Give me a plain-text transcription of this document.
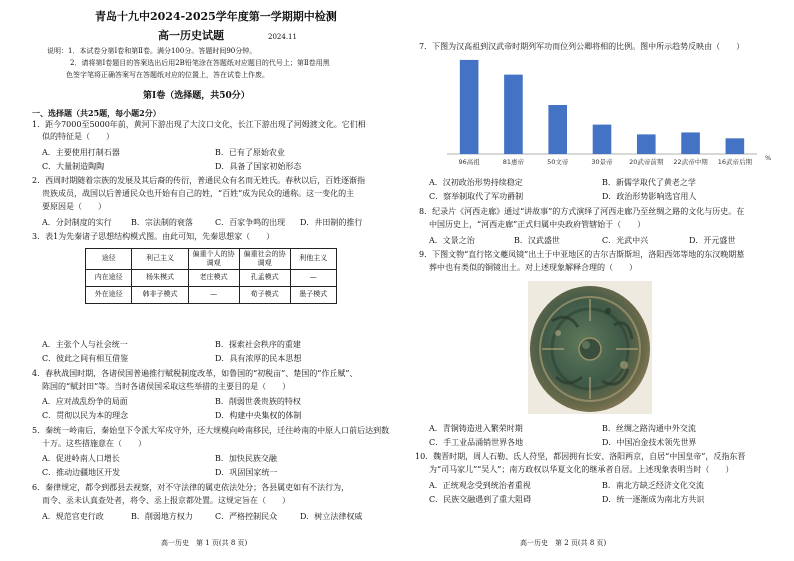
青岛十九中2024-2025学年度第一学期期中检测
高一历史试题	2024.11
说明：1．本试卷分第Ⅰ卷和第Ⅱ卷。满分100分。答题时间90分钟。
2．请将第Ⅰ卷题目的答案选出后用2B铅笔涂在答题纸对应题目的代号上；第Ⅱ卷用黑
色签字笔将正确答案写在答题纸对应的位置上，答在试卷上作废。
第Ⅰ卷（选择题，共50分）
一、选择题（共25题，每小题2分）
1．距今7000至5000年前，黄河下游出现了大汶口文化，长江下游出现了河姆渡文化。它们相
似的特征是（　　）
A．主要使用打制石器	B．已有了原始农业
C．大量制造陶陶	D．具备了国家初始形态
2．西周时期随着宗族的发展及其后裔的传衍，普通民众有名而无姓氏。春秋以后，百姓逐渐指
贵族成员，战国以后普通民众也开始有自己的姓，“百姓”成为民众的通称。这一变化的主
要原因是（　　）
A．分封制度的实行 B．宗法制的衰落	C．百家争鸣的出现 D．井田制的推行
3．表1为先秦诸子思想结构模式图。由此可知，先秦思想家（　　）
途径	利己主义	偏重个人的协调观	偏重社会的协调观	利他主义
内在途径	杨朱模式	老庄模式	孔孟模式	—
外在途径	韩非子模式	—	荀子模式	墨子模式
A．主张个人与社会统一	B．探索社会秩序的重建
C．彼此之间有相互借鉴	D．具有浓厚的民本思想
4．春秋战国时期，各诸侯国普遍推行赋税制度改革，如鲁国的“初税亩”、楚国的“作丘赋”、
陈国的“赋封田”等。当时各诸侯国采取这些举措的主要目的是（　　）
A．应对战乱纷争的局面	B．削弱世袭贵族的特权
C．贯彻以民为本的理念	D．构建中央集权的体制
5．秦统一岭南后，秦始皇下令派大军戍守外，还大规模向岭南移民，迁往岭南的中原人口前后达到数
十万。这些措施意在（　　）
A．促进岭南人口增长	B．加快民族交融
C．推动边疆地区开发	D．巩固国家统一
6．秦律规定，都令到郡县去视察，对不守法律的属吏依法处分；各县属吏如有不法行为，
而令、丞未认真查处者，将令、丞上报京都处置。这规定旨在（　　）
A．规范官吏行政	B．削弱地方权力	C．严格控制民众	D．树立法律权威
高一历史　第 1 页(共 8 页)
7．下图为汉高祖到汉武帝时期列军功而位列公卿将相的比例。图中所示趋势反映由（　　）
96高祖	81惠帝	50文帝	30景帝	20武帝前期 22武帝中期 16武帝后期 %
A．汉初政治形势持续稳定	B．新儒学取代了黄老之学
C．察举制取代了军功爵制	D．政治形势影响选官用人
8．纪录片《河西走廊》通过“讲故事”的方式演绎了河西走廊乃至丝绸之路的文化与历史。在
中国历史上，“河西走廊”正式归属中央政府管辖始于（　　）
A．文景之治	B．汉武盛世	C．光武中兴	D．开元盛世
9．下图文物“直行铭文夔凤镜”出土于中亚地区的吉尔吉斯斯坦，洛阳西郊等地的东汉晚期墓
葬中也有类似的铜镜出土。对上述现象解释合理的（　　）
A．青铜铸造进入繁荣时期	B．丝绸之路沟通中外交流
C．手工业品涌销世界各地	D．中国冶金技术领先世界
10．魏晋时期，周人石勒、氐人苻坚，都因拥有长安、洛阳两京，自居“中国皇帝”，反指东晋
为“司马家儿”“吴人”；南方政权以华夏文化的继承者自居。上述现象表明当时（　　）
A．正统观念受到统治者重视	B．南北方缺乏经济文化交流
C．民族交融遇到了重大阻碍	D．统一逐渐成为南北方共识
高一历史　第 2 页(共 8 页)
